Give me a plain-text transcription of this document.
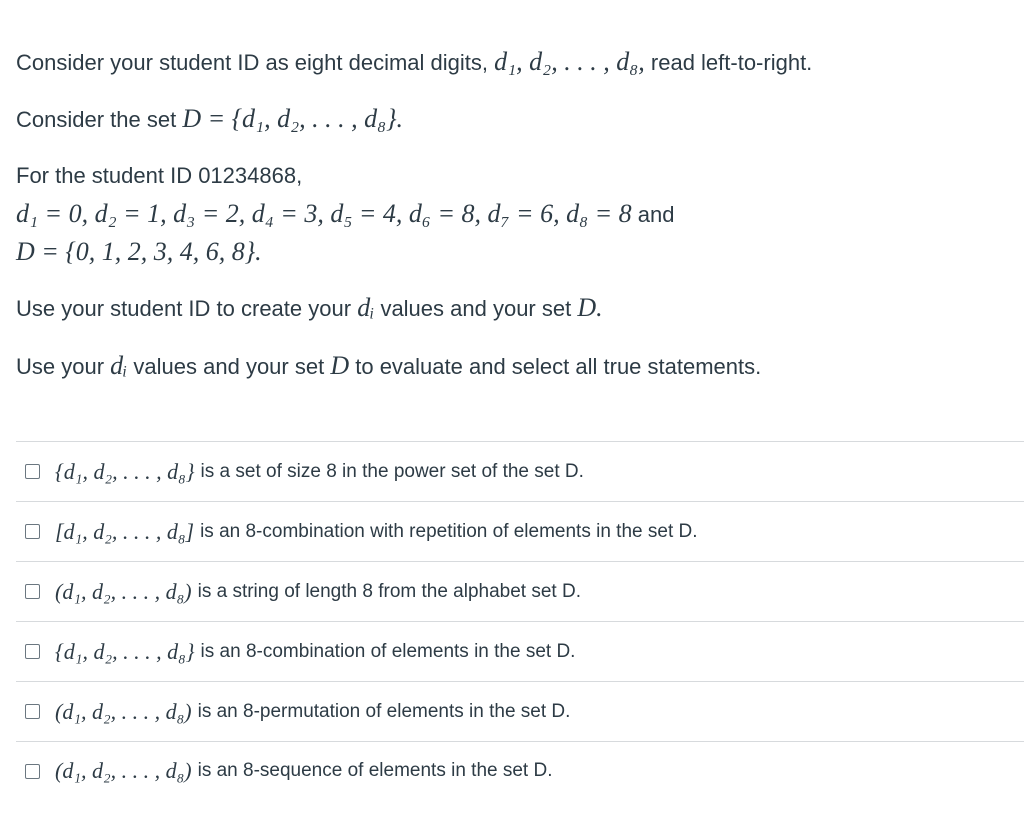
Consider your student ID as eight decimal digits, d₁, d₂, . . . , d₈, read left-to-right.
Consider the set D = {d₁, d₂, . . . , d₈}.
For the student ID 01234868,
d₁ = 0, d₂ = 1, d₃ = 2, d₄ = 3, d₅ = 4, d₆ = 8, d₇ = 6, d₈ = 8 and
D = {0, 1, 2, 3, 4, 6, 8}.
Use your student ID to create your dᵢ values and your set D.
Use your dᵢ values and your set D to evaluate and select all true statements.
{d₁, d₂, . . . , d₈} is a set of size 8 in the power set of the set D.
[d₁, d₂, . . . , d₈] is an 8-combination with repetition of elements in the set D.
(d₁, d₂, . . . , d₈) is a string of length 8 from the alphabet set D.
{d₁, d₂, . . . , d₈} is an 8-combination of elements in the set D.
(d₁, d₂, . . . , d₈) is an 8-permutation of elements in the set D.
(d₁, d₂, . . . , d₈) is an 8-sequence of elements in the set D.
